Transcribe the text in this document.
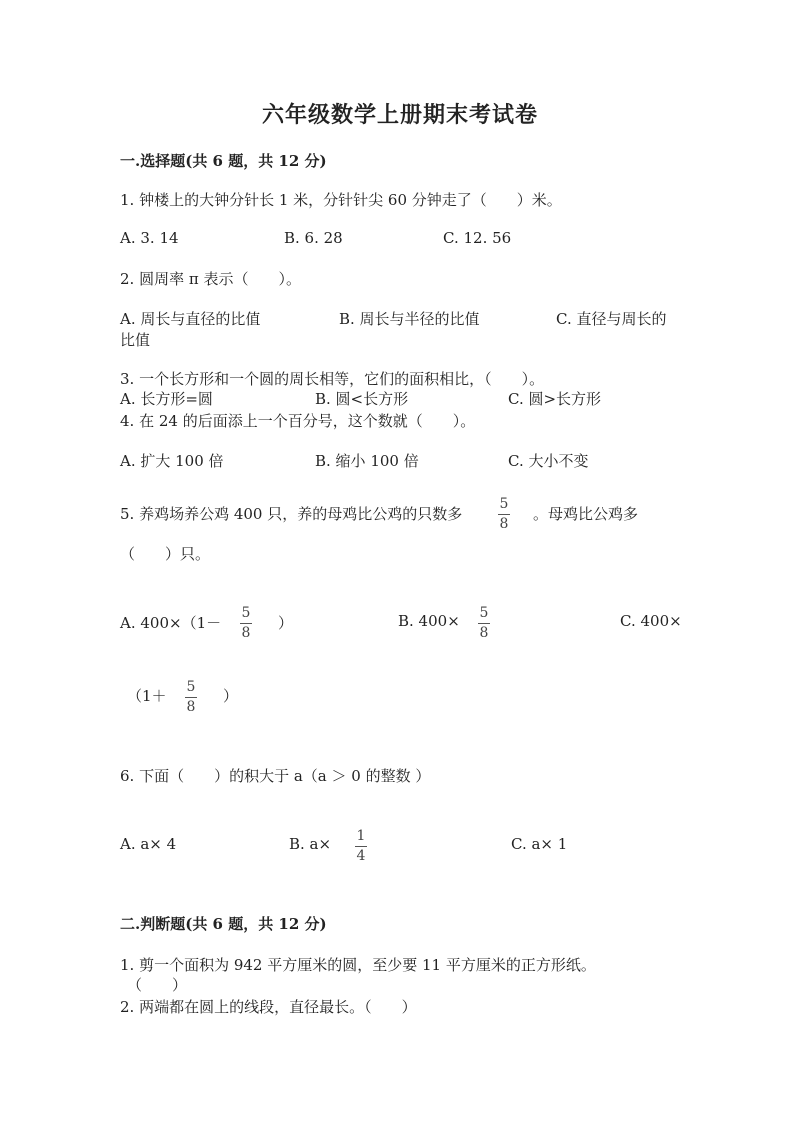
六年级数学上册期末考试卷
一.选择题(共 6 题，共 12 分)
1. 钟楼上的大钟分针长 1 米，分针针尖 60 分钟走了（　　）米。
A. 3. 14	B. 6. 28	C. 12. 56
2. 圆周率 π 表示（　　）。
A. 周长与直径的比值	B. 周长与半径的比值	C. 直径与周长的
比值
3. 一个长方形和一个圆的周长相等，它们的面积相比，（　　）。
A. 长方形=圆	B. 圆<长方形	C. 圆>长方形
4. 在 24 的后面添上一个百分号，这个数就（　　）。
A. 扩大 100 倍	B. 缩小 100 倍	C. 大小不变
5. 养鸡场养公鸡 400 只，养的母鸡比公鸡的只数多
5
8
。母鸡比公鸡多
（　　）只。
A. 400×（1－
5
8
）	B. 400× 5
8
C. 400×
（1＋ 5
8
）
6. 下面（　　）的积大于 a（a ＞ 0 的整数 ）
A. a× 4	B. a× 1
4
C. a× 1
二.判断题(共 6 题，共 12 分)
1. 剪一个面积为 942 平方厘米的圆，至少要 11 平方厘米的正方形纸。
（　　）
2. 两端都在圆上的线段，直径最长。（　　）
